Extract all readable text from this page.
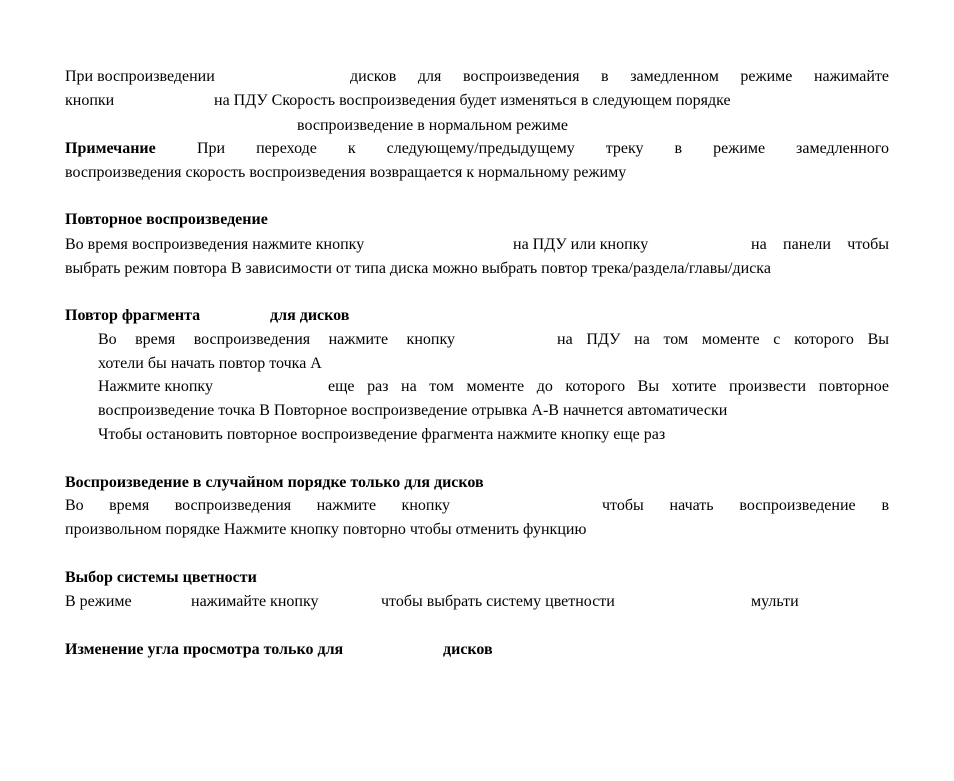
При воспроизведении	дисков для воспроизведения в замедленном режиме нажимайте
кнопки	на ПДУ Скорость воспроизведения будет изменяться в следующем порядке
воспроизведение в нормальном режиме
Примечание	При переходе к следующему/предыдущему треку в режиме замедленного
воспроизведения скорость воспроизведения возвращается к нормальному режиму
Повторное воспроизведение
Во время воспроизведения нажмите кнопку	на ПДУ или кнопку	на панели чтобы
выбрать режим повтора В зависимости от типа диска можно выбрать повтор трека/раздела/главы/диска
Повтор фрагмента	для дисков
Во время воспроизведения нажмите кнопку	на ПДУ на том моменте с которого Вы
хотели бы начать повтор точка А
Нажмите кнопку	еще раз на том моменте до которого Вы хотите произвести повторное
воспроизведение точка В Повторное воспроизведение отрывка А-В начнется автоматически
Чтобы остановить повторное воспроизведение фрагмента нажмите кнопку еще раз
Воспроизведение в случайном порядке только для дисков
Во время воспроизведения нажмите кнопку	чтобы начать воспроизведение в
произвольном порядке Нажмите кнопку повторно чтобы отменить функцию
Выбор системы цветности
В режиме	нажимайте кнопку	чтобы выбрать систему цветности	мульти
Изменение угла просмотра только для	дисков
